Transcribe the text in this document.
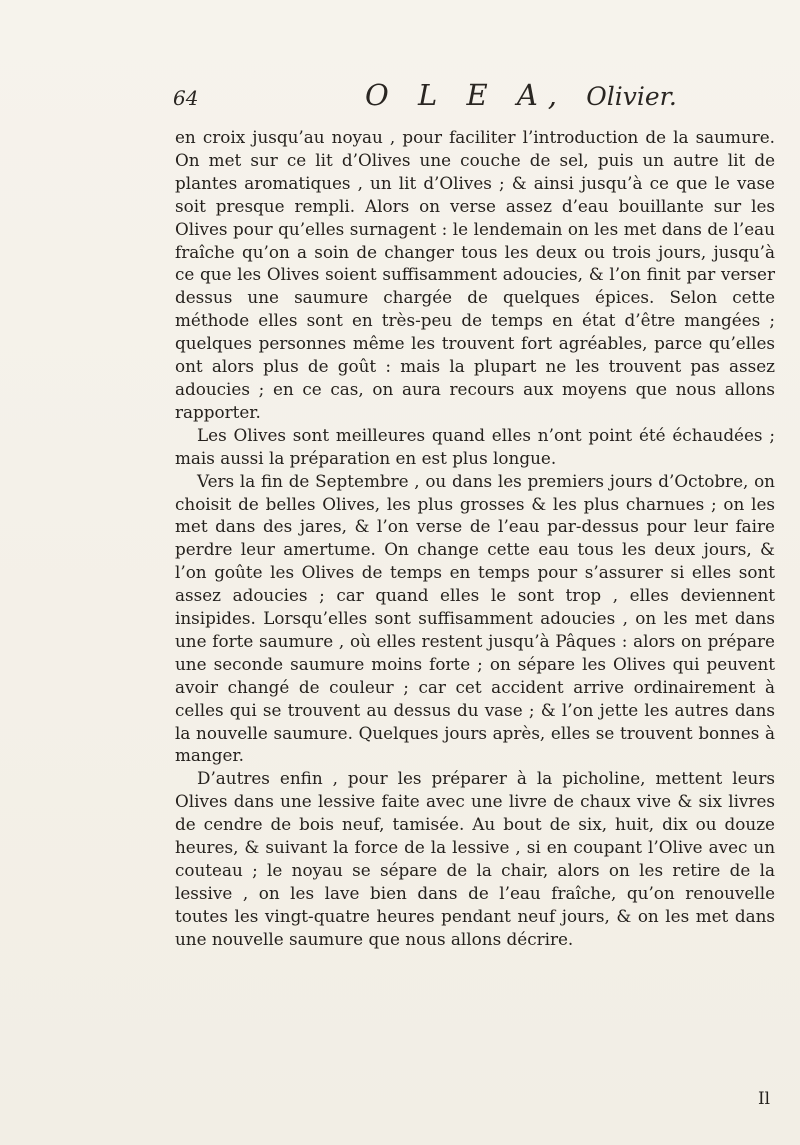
64	O L E A, Olivier.

en croix jusqu’au noyau , pour faciliter l’introduction de la saumure. On met sur ce lit d’Olives une couche de sel, puis un autre lit de plantes aromatiques , un lit d’Olives ; & ainsi jusqu’à ce que le vase soit presque rempli. Alors on verse assez d’eau bouillante sur les Olives pour qu’elles surnagent : le lendemain on les met dans de l’eau fraîche qu’on a soin de changer tous les deux ou trois jours, jusqu’à ce que les Olives soient suffisamment adoucies, & l’on finit par verser dessus une saumure chargée de quelques épices. Selon cette méthode elles sont en très-peu de temps en état d’être mangées ; quelques personnes même les trouvent fort agréables, parce qu’elles ont alors plus de goût : mais la plupart ne les trouvent pas assez adoucies ; en ce cas, on aura recours aux moyens que nous allons rapporter.

Les Olives sont meilleures quand elles n’ont point été échaudées ; mais aussi la préparation en est plus longue.

Vers la fin de Septembre , ou dans les premiers jours d’Octobre, on choisit de belles Olives, les plus grosses & les plus charnues ; on les met dans des jares, & l’on verse de l’eau par-dessus pour leur faire perdre leur amertume. On change cette eau tous les deux jours, & l’on goûte les Olives de temps en temps pour s’assurer si elles sont assez adoucies ; car quand elles le sont trop , elles deviennent insipides. Lorsqu’elles sont suffisamment adoucies , on les met dans une forte saumure , où elles restent jusqu’à Pâques : alors on prépare une seconde saumure moins forte ; on sépare les Olives qui peuvent avoir changé de couleur ; car cet accident arrive ordinairement à celles qui se trouvent au dessus du vase ; & l’on jette les autres dans la nouvelle saumure. Quelques jours après, elles se trouvent bonnes à manger.

D’autres enfin , pour les préparer à la picholine, mettent leurs Olives dans une lessive faite avec une livre de chaux vive & six livres de cendre de bois neuf, tamisée. Au bout de six, huit, dix ou douze heures, & suivant la force de la lessive , si en coupant l’Olive avec un couteau ; le noyau se sépare de la chair, alors on les retire de la lessive , on les lave bien dans de l’eau fraîche, qu’on renouvelle toutes les vingt-quatre heures pendant neuf jours, & on les met dans une nouvelle saumure que nous allons décrire.

Il
